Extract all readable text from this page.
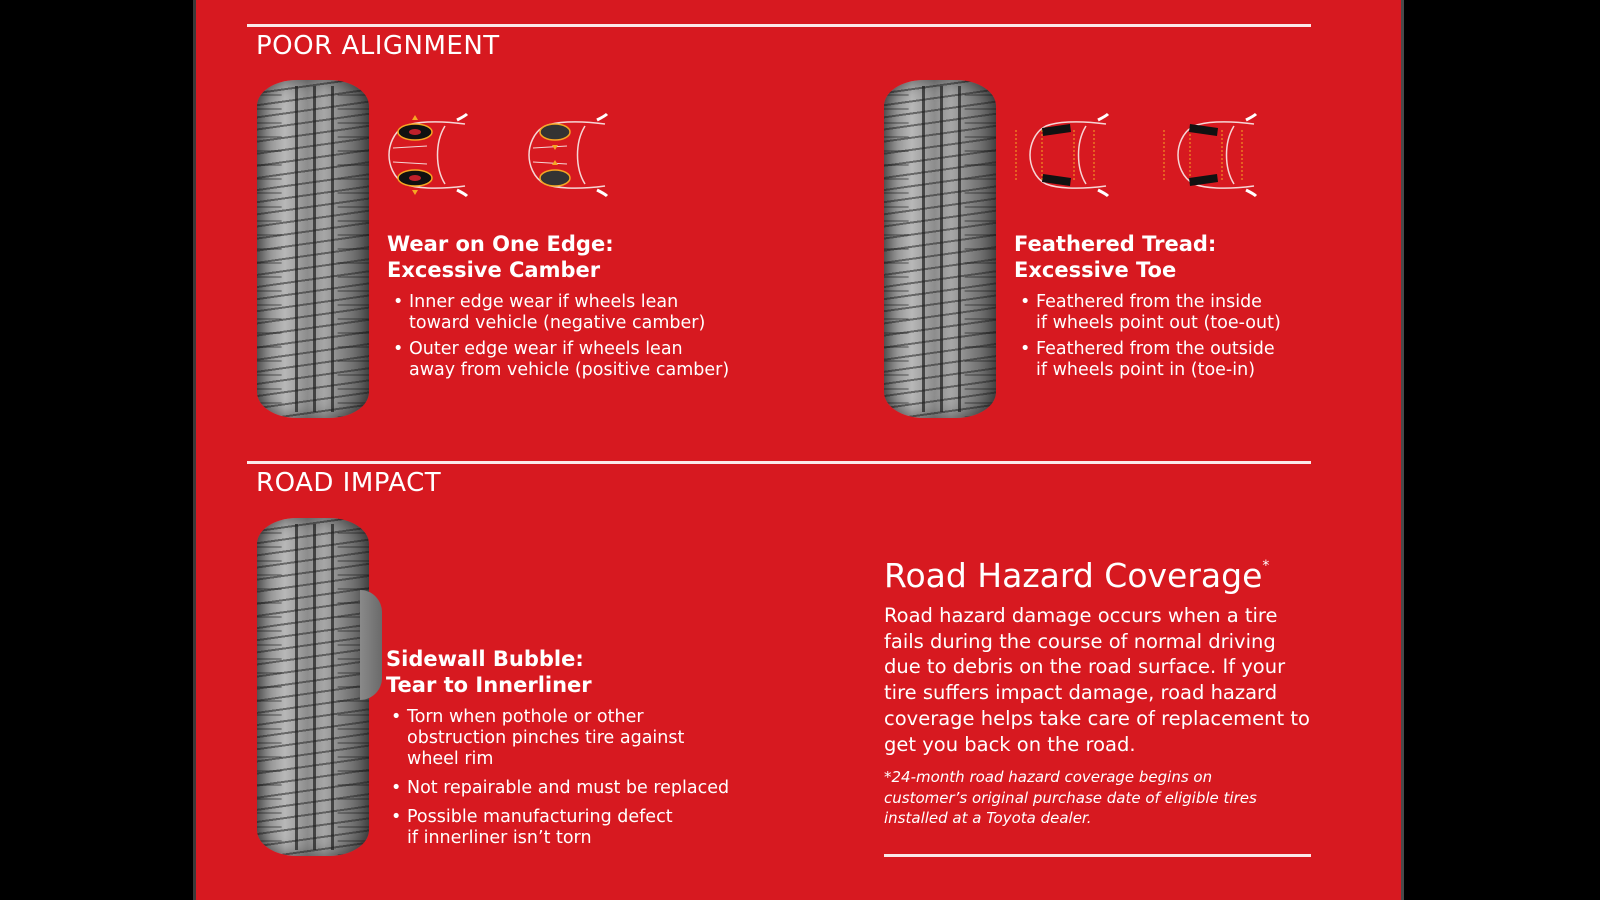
POOR ALIGNMENT
Wear on One Edge:
Excessive Camber
• Inner edge wear if wheels lean
toward vehicle (negative camber)
• Outer edge wear if wheels lean
away from vehicle (positive camber)
Feathered Tread:
Excessive Toe
• Feathered from the inside
if wheels point out (toe-out)
• Feathered from the outside
if wheels point in (toe-in)
ROAD IMPACT
Sidewall Bubble:
Tear to Innerliner
• Torn when pothole or other
obstruction pinches tire against
wheel rim
• Not repairable and must be replaced
• Possible manufacturing defect
if innerliner isn’t torn
Road Hazard Coverage*
Road hazard damage occurs when a tire fails during the course of normal driving due to debris on the road surface. If your tire suffers impact damage, road hazard coverage helps take care of replacement to get you back on the road.
*24-month road hazard coverage begins on customer’s original purchase date of eligible tires installed at a Toyota dealer.
